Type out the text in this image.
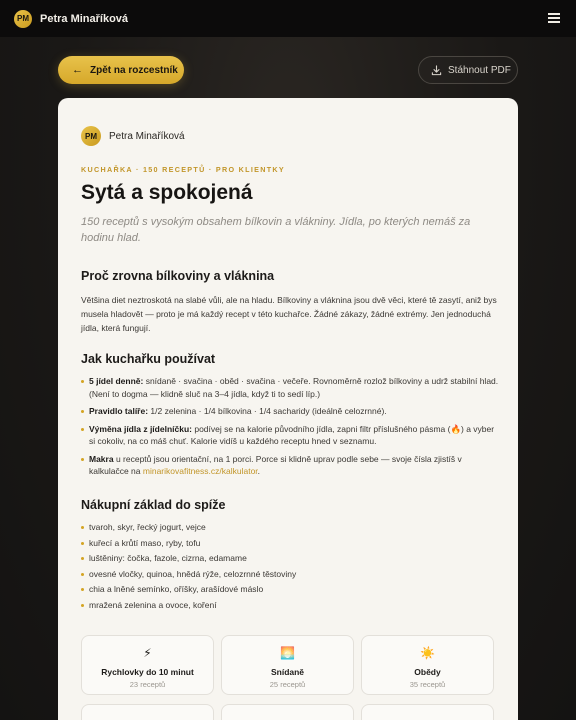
PM Petra Minaříková
← Zpět na rozcestník	Stáhnout PDF
PM	Petra Minaříková
KUCHAŘKA · 150 RECEPTŮ · PRO KLIENTKY
Sytá a spokojená
150 receptů s vysokým obsahem bílkovin a vlákniny. Jídla, po kterých nemáš za hodinu hlad.
Proč zrovna bílkoviny a vláknina
Většina diet neztroskotá na slabé vůli, ale na hladu. Bílkoviny a vláknina jsou dvě věci, které tě zasytí, aniž bys musela hladovět — proto je má každý recept v této kuchařce. Žádné zákazy, žádné extrémy. Jen jednoduchá jídla, která fungují.
Jak kuchařku používat
5 jídel denně: snídaně · svačina · oběd · svačina · večeře. Rovnoměrně rozlož bílkoviny a udrž stabilní hlad. (Není to dogma — klidně sluč na 3–4 jídla, když ti to sedí líp.)
Pravidlo talíře: 1/2 zelenina · 1/4 bílkovina · 1/4 sacharidy (ideálně celozrnné).
Výměna jídla z jídelníčku: podívej se na kalorie původního jídla, zapni filtr příslušného pásma (🔥) a vyber si cokoliv, na co máš chuť. Kalorie vidíš u každého receptu hned v seznamu.
Makra u receptů jsou orientační, na 1 porci. Porce si klidně uprav podle sebe — svoje čísla zjistíš v kalkulačce na minarikovafitness.cz/kalkulator.
Nákupní základ do spíže
tvaroh, skyr, řecký jogurt, vejce
kuřecí a krůtí maso, ryby, tofu
luštěniny: čočka, fazole, cizrna, edamame
ovesné vločky, quinoa, hnědá rýže, celozrnné těstoviny
chia a lněné semínko, oříšky, arašídové máslo
mražená zelenina a ovoce, koření
⚡
Rychlovky do 10 minut
23 receptů
🌅
Snídaně
25 receptů
☀️
Obědy
35 receptů
